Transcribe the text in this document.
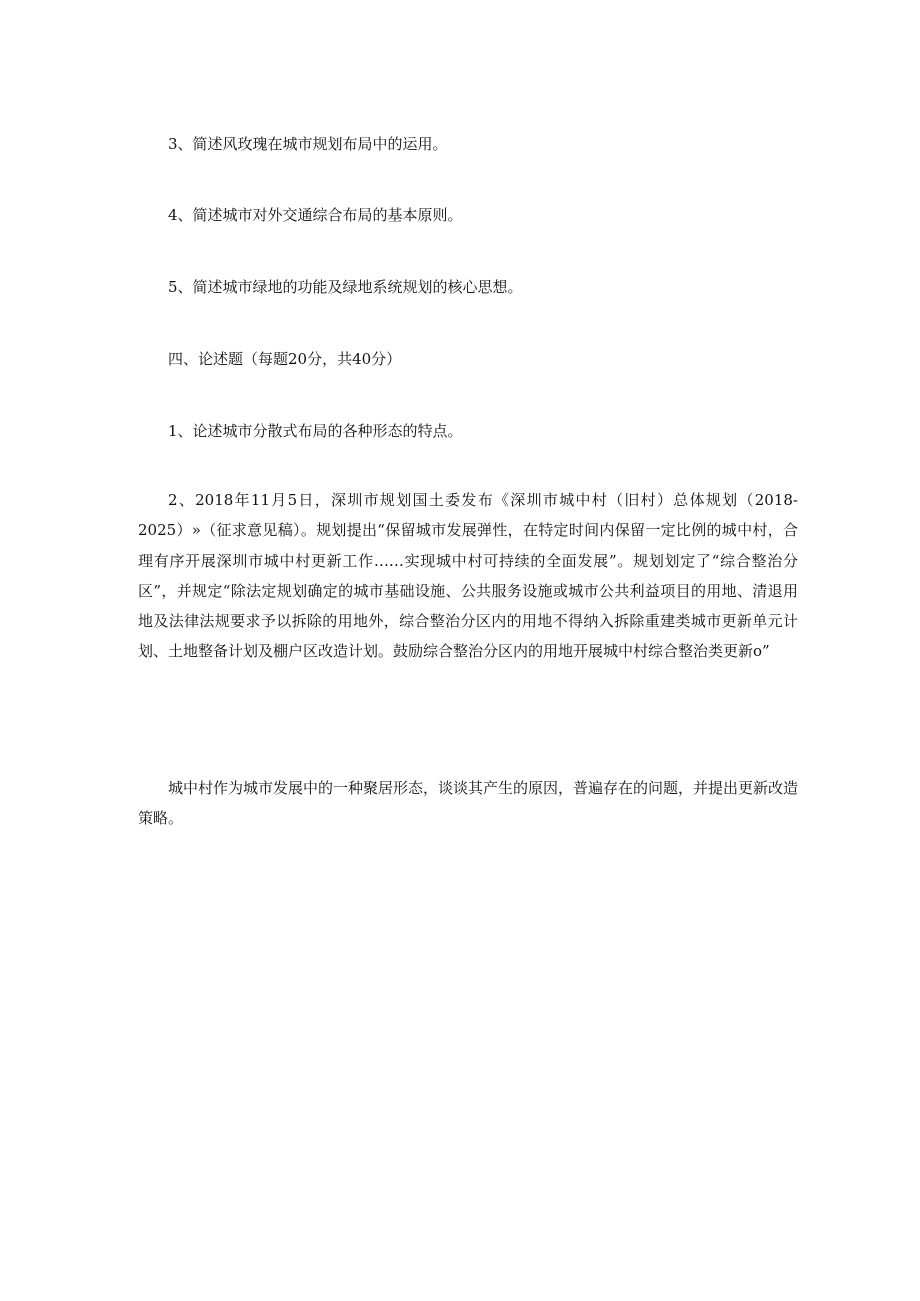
3、简述风玫瑰在城市规划布局中的运用。
4、简述城市对外交通综合布局的基本原则。
5、简述城市绿地的功能及绿地系统规划的核心思想。
四、论述题（每题20分，共40分）
1、论述城市分散式布局的各种形态的特点。

2、2018年11月5日，深圳市规划国土委发布《深圳市城中村（旧村）总体规划（2018-2025）»（征求意见稿）。规划提出“保留城市发展弹性，在特定时间内保留一定比例的城中村，合理有序开展深圳市城中村更新工作……实现城中村可持续的全面发展”。规划划定了“综合整治分区”，并规定“除法定规划确定的城市基础设施、公共服务设施或城市公共利益项目的用地、清退用地及法律法规要求予以拆除的用地外，综合整治分区内的用地不得纳入拆除重建类城市更新单元计划、土地整备计划及棚户区改造计划。鼓励综合整治分区内的用地开展城中村综合整治类更新o”

城中村作为城市发展中的一种聚居形态，谈谈其产生的原因，普遍存在的问题，并提出更新改造策略。
